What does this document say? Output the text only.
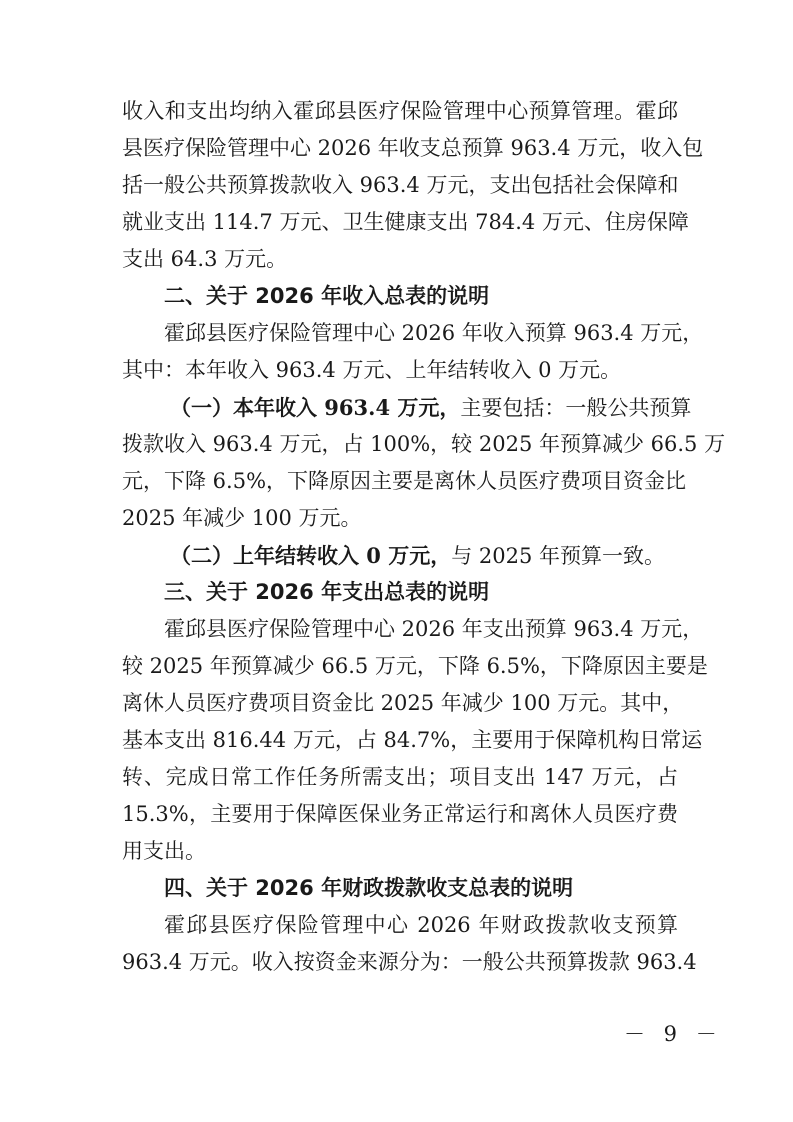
收入和支出均纳入霍邱县医疗保险管理中心预算管理。霍邱
县医疗保险管理中心 2026 年收支总预算 963.4 万元，收入包
括一般公共预算拨款收入 963.4 万元，支出包括社会保障和
就业支出 114.7 万元、卫生健康支出 784.4 万元、住房保障
支出 64.3 万元。
二、关于 2026 年收入总表的说明
霍邱县医疗保险管理中心 2026 年收入预算 963.4 万元，
其中：本年收入 963.4 万元、上年结转收入 0 万元。
（一）本年收入 963.4 万元，主要包括：一般公共预算
拨款收入 963.4 万元，占 100%，较 2025 年预算减少 66.5 万
元，下降 6.5%，下降原因主要是离休人员医疗费项目资金比
2025 年减少 100 万元。
（二）上年结转收入 0 万元，与 2025 年预算一致。
三、关于 2026 年支出总表的说明
霍邱县医疗保险管理中心 2026 年支出预算 963.4 万元，
较 2025 年预算减少 66.5 万元，下降 6.5%，下降原因主要是
离休人员医疗费项目资金比 2025 年减少 100 万元。其中，
基本支出 816.44 万元，占 84.7%，主要用于保障机构日常运
转、完成日常工作任务所需支出；项目支出 147 万元，占
15.3%，主要用于保障医保业务正常运行和离休人员医疗费
用支出。
四、关于 2026 年财政拨款收支总表的说明
霍邱县医疗保险管理中心 2026 年财政拨款收支预算
963.4 万元。收入按资金来源分为：一般公共预算拨款 963.4
－ 9 －
